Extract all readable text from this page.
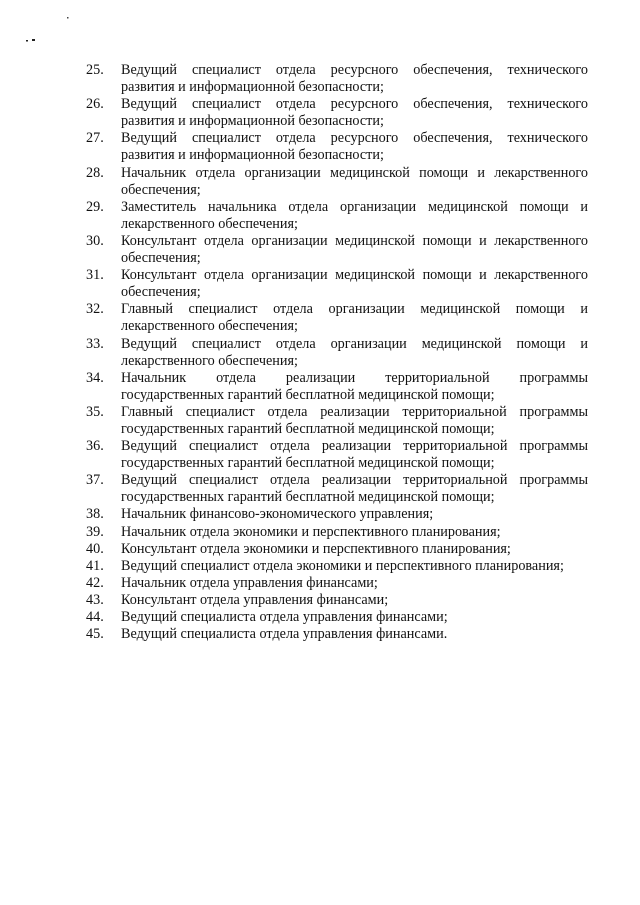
25.	Ведущий специалист отдела ресурсного обеспечения, технического развития и информационной безопасности;
26.	Ведущий специалист отдела ресурсного обеспечения, технического развития и информационной безопасности;
27.	Ведущий специалист отдела ресурсного обеспечения, технического развития и информационной безопасности;
28.	Начальник отдела организации медицинской помощи и лекарственного обеспечения;
29.	Заместитель начальника отдела организации медицинской помощи и лекарственного обеспечения;
30.	Консультант отдела организации медицинской помощи и лекарственного обеспечения;
31.	Консультант отдела организации медицинской помощи и лекарственного обеспечения;
32.	Главный специалист отдела организации медицинской помощи и лекарственного обеспечения;
33.	Ведущий специалист отдела организации медицинской помощи и лекарственного обеспечения;
34.	Начальник отдела реализации территориальной программы государственных гарантий бесплатной медицинской помощи;
35.	Главный специалист отдела реализации территориальной программы государственных гарантий бесплатной медицинской помощи;
36.	Ведущий специалист отдела реализации территориальной программы государственных гарантий бесплатной медицинской помощи;
37.	Ведущий специалист отдела реализации территориальной программы государственных гарантий бесплатной медицинской помощи;
38.	Начальник финансово-экономического управления;
39.	Начальник отдела экономики и перспективного планирования;
40.	Консультант отдела экономики и перспективного планирования;
41.	Ведущий специалист отдела экономики и перспективного планирования;
42.	Начальник отдела управления финансами;
43.	Консультант отдела управления финансами;
44.	Ведущий специалиста отдела управления финансами;
45.	Ведущий специалиста отдела управления финансами.
